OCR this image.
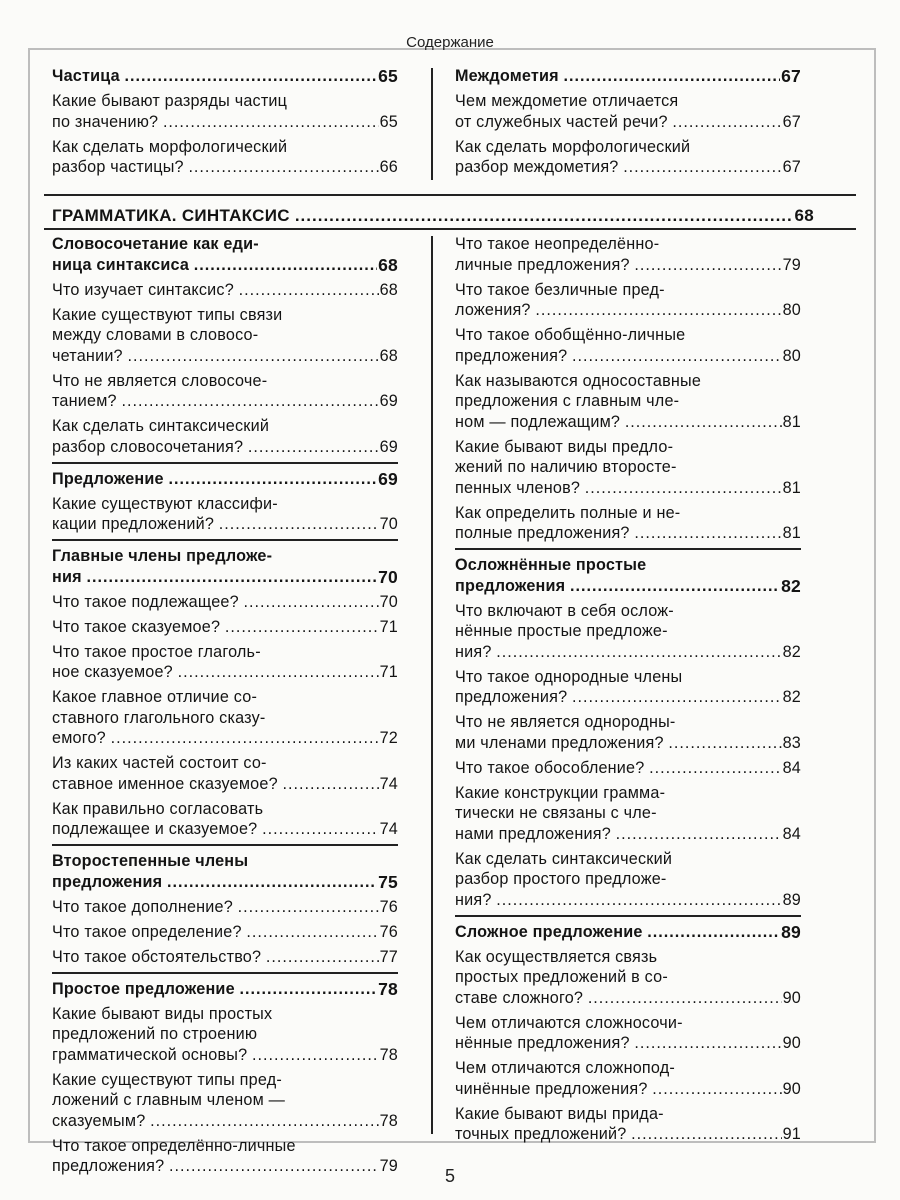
Содержание
ГРАММАТИКА. СИНТАКСИС .....	68
Частица .....	65
Какие бывают разряды частиц
по значению? .....	65
Как сделать морфологический
разбор частицы? .....	66
Междометия .....	67
Чем междометие отличается
от служебных частей речи? .....	67
Как сделать морфологический
разбор междометия? .....	67
Словосочетание как еди-
ница синтаксиса .....	68
Что изучает синтаксис? .....	68
Какие существуют типы связи
между словами в словосо-
четании? .....	68
Что не является словосоче-
танием? .....	69
Как сделать синтаксический
разбор словосочетания? .....	69
Предложение .....	69
Какие существуют классифи-
кации предложений? .....	70
Главные члены предложе-
ния .....	70
Что такое подлежащее? .....	70
Что такое сказуемое? .....	71
Что такое простое глаголь-
ное сказуемое? .....	71
Какое главное отличие со-
ставного глагольного сказу-
емого? .....	72
Из каких частей состоит со-
ставное именное сказуемое? .....	74
Как правильно согласовать
подлежащее и сказуемое? .....	74
Второстепенные члены
предложения .....	75
Что такое дополнение? .....	76
Что такое определение? .....	76
Что такое обстоятельство? .....	77
Простое предложение .....	78
Какие бывают виды простых
предложений по строению
грамматической основы? .....	78
Какие существуют типы пред-
ложений с главным членом —
сказуемым? .....	78
Что такое определённо-личные
предложения? .....	79
Что такое неопределённо-
личные предложения? .....	79
Что такое безличные пред-
ложения? .....	80
Что такое обобщённо-личные
предложения? .....	80
Как называются односоставные
предложения с главным чле-
ном — подлежащим? .....	81
Какие бывают виды предло-
жений по наличию второсте-
пенных членов? .....	81
Как определить полные и не-
полные предложения? .....	81
Осложнённые простые
предложения .....	82
Что включают в себя ослож-
нённые простые предложе-
ния? .....	82
Что такое однородные члены
предложения? .....	82
Что не является однородны-
ми членами предложения? .....	83
Что такое обособление? .....	84
Какие конструкции грамма-
тически не связаны с чле-
нами предложения? .....	84
Как сделать синтаксический
разбор простого предложе-
ния? .....	89
Сложное предложение .....	89
Как осуществляется связь
простых предложений в со-
ставе сложного? .....	90
Чем отличаются сложносочи-
нённые предложения? .....	90
Чем отличаются сложнопод-
чинённые предложения? .....	90
Какие бывают виды прида-
точных предложений? .....	91
5
